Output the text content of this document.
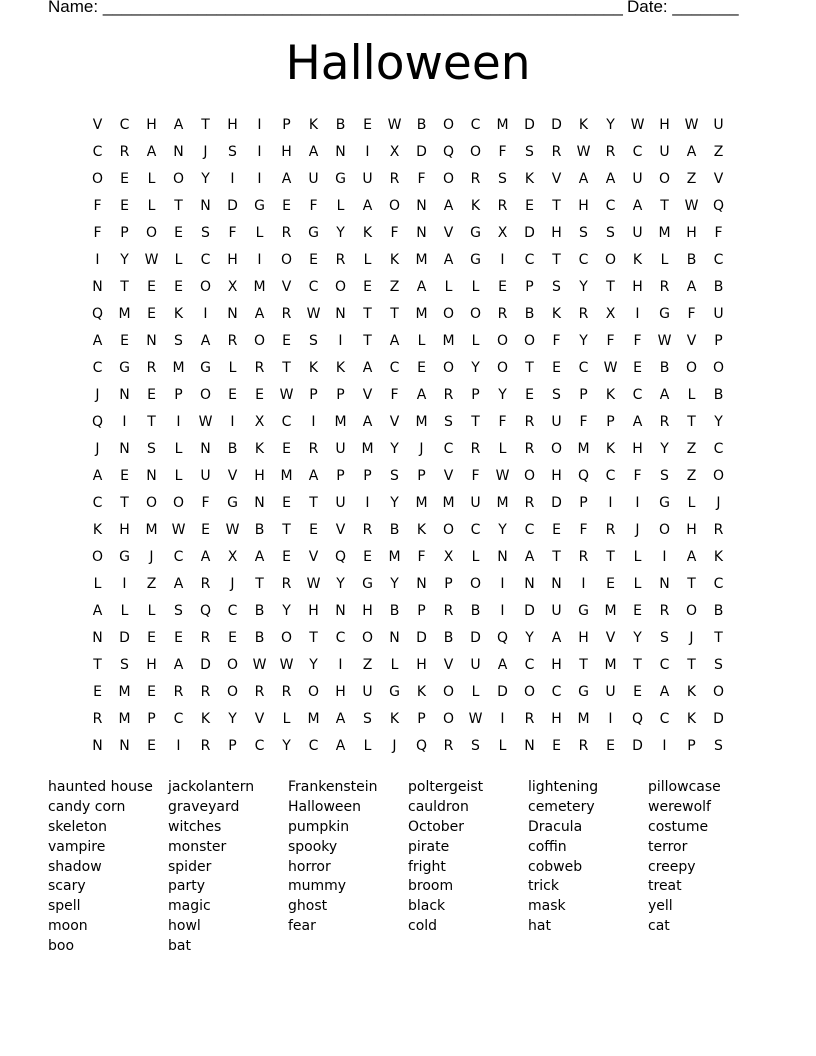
Name: _______________________________________________________ Date: _______
Halloween
V	C	H	A	T	H	I	P	K	B	E	W	B	O	C	M	D	D	K	Y	W	H	W	U
C	R	A	N	J	S	I	H	A	N	I	X	D	Q	O	F	S	R	W	R	C	U	A	Z
O	E	L	O	Y	I	I	A	U	G	U	R	F	O	R	S	K	V	A	A	U	O	Z	V
F	E	L	T	N	D	G	E	F	L	A	O	N	A	K	R	E	T	H	C	A	T	W	Q
F	P	O	E	S	F	L	R	G	Y	K	F	N	V	G	X	D	H	S	S	U	M	H	F
I	Y	W	L	C	H	I	O	E	R	L	K	M	A	G	I	C	T	C	O	K	L	B	C
N	T	E	E	O	X	M	V	C	O	E	Z	A	L	L	E	P	S	Y	T	H	R	A	B
Q	M	E	K	I	N	A	R	W	N	T	T	M	O	O	R	B	K	R	X	I	G	F	U
A	E	N	S	A	R	O	E	S	I	T	A	L	M	L	O	O	F	Y	F	F	W	V	P
C	G	R	M	G	L	R	T	K	K	A	C	E	O	Y	O	T	E	C	W	E	B	O	O
J	N	E	P	O	E	E	W	P	P	V	F	A	R	P	Y	E	S	P	K	C	A	L	B
Q	I	T	I	W	I	X	C	I	M	A	V	M	S	T	F	R	U	F	P	A	R	T	Y
J	N	S	L	N	B	K	E	R	U	M	Y	J	C	R	L	R	O	M	K	H	Y	Z	C
A	E	N	L	U	V	H	M	A	P	P	S	P	V	F	W	O	H	Q	C	F	S	Z	O
C	T	O	O	F	G	N	E	T	U	I	Y	M	M	U	M	R	D	P	I	I	G	L	J
K	H	M	W	E	W	B	T	E	V	R	B	K	O	C	Y	C	E	F	R	J	O	H	R
O	G	J	C	A	X	A	E	V	Q	E	M	F	X	L	N	A	T	R	T	L	I	A	K
L	I	Z	A	R	J	T	R	W	Y	G	Y	N	P	O	I	N	N	I	E	L	N	T	C
A	L	L	S	Q	C	B	Y	H	N	H	B	P	R	B	I	D	U	G	M	E	R	O	B
N	D	E	E	R	E	B	O	T	C	O	N	D	B	D	Q	Y	A	H	V	Y	S	J	T
T	S	H	A	D	O	W W	Y	I	Z	L	H	V	U	A	C	H	T	M	T	C	T	S
E	M	E	R	R	O	R	R	O	H	U	G	K	O	L	D	O	C	G	U	E	A	K	O
R	M	P	C	K	Y	V	L	M	A	S	K	P	O	W	I	R	H	M	I	Q	C	K	D
N	N	E	I	R	P	C	Y	C	A	L	J	Q	R	S	L	N	E	R	E	D	I	P	S
haunted house
candy corn
skeleton
vampire
shadow
scary
spell
moon
boo
jackolantern
graveyard
witches
monster
spider
party
magic
howl
bat
Frankenstein
Halloween
pumpkin
spooky
horror
mummy
ghost
fear
poltergeist
cauldron
October
pirate
fright
broom
black
cold
lightening
cemetery
Dracula
coffin
cobweb
trick
mask
hat
pillowcase
werewolf
costume
terror
creepy
treat
yell
cat
